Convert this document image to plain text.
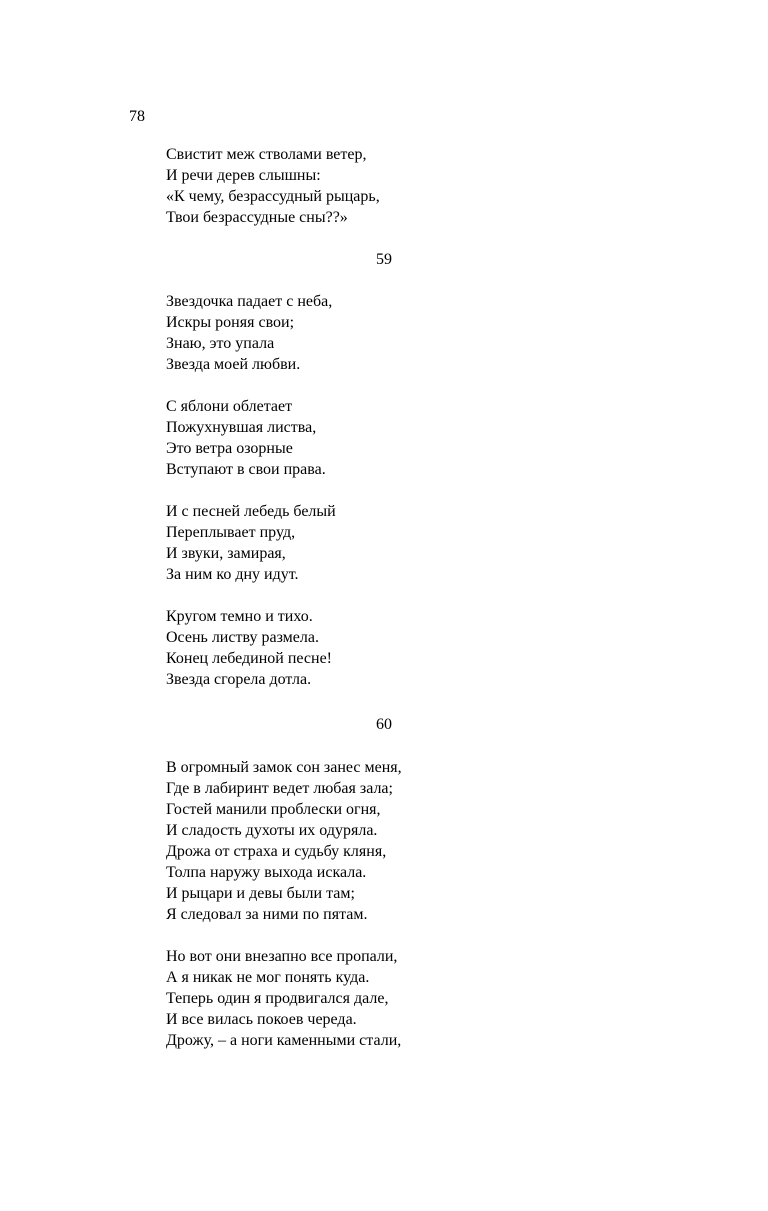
78
Свистит меж стволами ветер,
И речи дерев слышны:
«К чему, безрассудный рыцарь,
Твои безрассудные сны??»
59
Звездочка падает с неба,
Искры роняя свои;
Знаю, это упала
Звезда моей любви.
С яблони облетает
Пожухнувшая листва,
Это ветра озорные
Вступают в свои права.
И с песней лебедь белый
Переплывает пруд,
И звуки, замирая,
За ним ко дну идут.
Кругом темно и тихо.
Осень листву размела.
Конец лебединой песне!
Звезда сгорела дотла.
60
В огромный замок сон занес меня,
Где в лабиринт ведет любая зала;
Гостей манили проблески огня,
И сладость духоты их одуряла.
Дрожа от страха и судьбу кляня,
Толпа наружу выхода искала.
И рыцари и девы были там;
Я следовал за ними по пятам.
Но вот они внезапно все пропали,
А я никак не мог понять куда.
Теперь один я продвигался дале,
И все вилась покоев череда.
Дрожу, – а ноги каменными стали,
